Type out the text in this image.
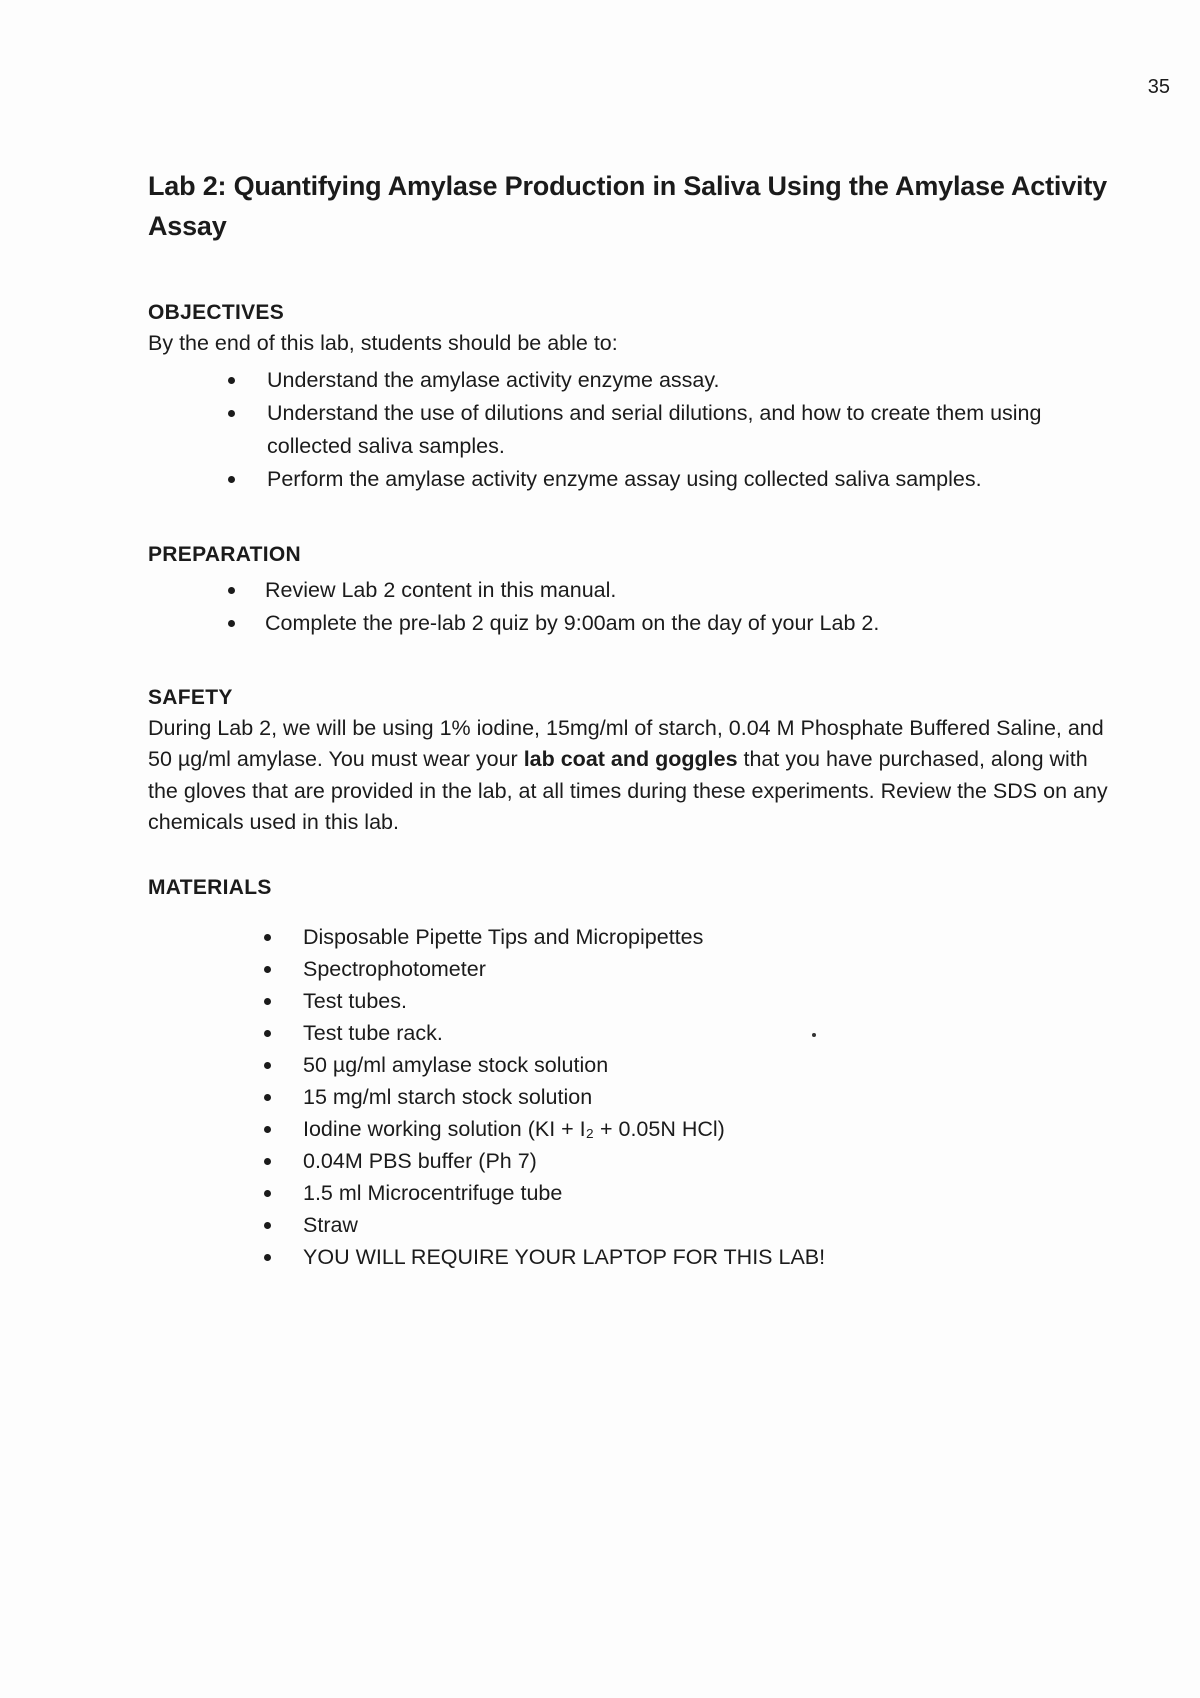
35
Lab 2: Quantifying Amylase Production in Saliva Using the Amylase Activity Assay

OBJECTIVES

By the end of this lab, students should be able to:

Understand the amylase activity enzyme assay.
Understand the use of dilutions and serial dilutions, and how to create them using collected saliva samples.
Perform the amylase activity enzyme assay using collected saliva samples.

PREPARATION

Review Lab 2 content in this manual.
Complete the pre-lab 2 quiz by 9:00am on the day of your Lab 2.

SAFETY

During Lab 2, we will be using 1% iodine, 15mg/ml of starch, 0.04 M Phosphate Buffered Saline, and 50 µg/ml amylase. You must wear your lab coat and goggles that you have purchased, along with the gloves that are provided in the lab, at all times during these experiments. Review the SDS on any chemicals used in this lab.

MATERIALS

Disposable Pipette Tips and Micropipettes
Spectrophotometer
Test tubes.
Test tube rack.
50 µg/ml amylase stock solution
15 mg/ml starch stock solution
Iodine working solution (KI + I₂ + 0.05N HCl)
0.04M PBS buffer (Ph 7)
1.5 ml Microcentrifuge tube
Straw
YOU WILL REQUIRE YOUR LAPTOP FOR THIS LAB!
